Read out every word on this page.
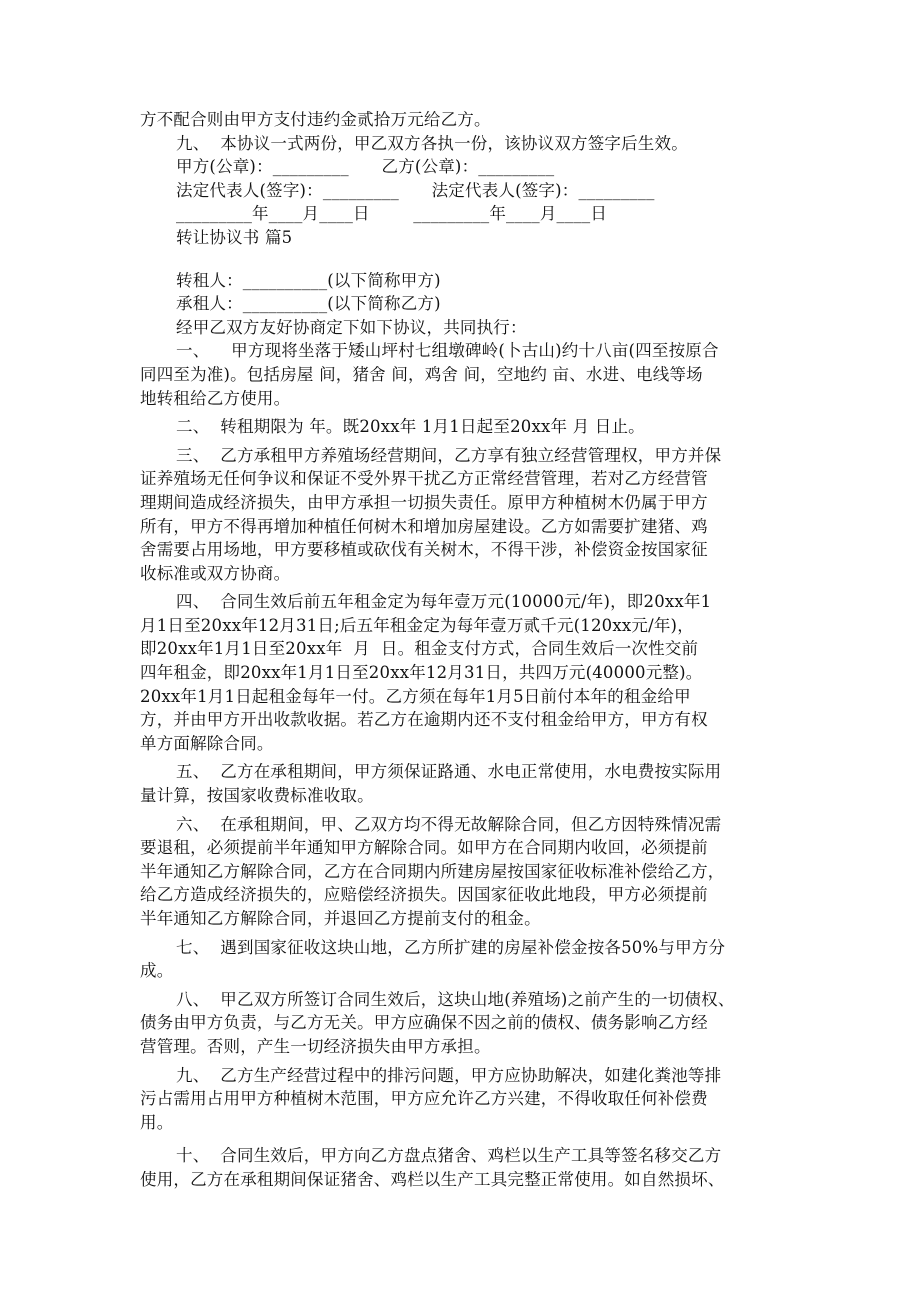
方不配合则由甲方支付违约金贰拾万元给乙方。
九、  本协议一式两份，甲乙双方各执一份，该协议双方签字后生效。
甲方(公章)：_________      乙方(公章)：_________
法定代表人(签字)：_________      法定代表人(签字)：_________
_________年____月____日        _________年____月____日
转让协议书 篇5
转租人：__________(以下简称甲方)
承租人：__________(以下简称乙方)
经甲乙双方友好协商定下如下协议，共同执行：
一、    甲方现将坐落于矮山坪村七组墩碑岭(卜古山)约十八亩(四至按原合
同四至为准)。包括房屋 间，猪舍 间，鸡舍 间，空地约 亩、水进、电线等场
地转租给乙方使用。
二、  转租期限为 年。既20xx年 1月1日起至20xx年 月 日止。
三、  乙方承租甲方养殖场经营期间，乙方享有独立经营管理权，甲方并保
证养殖场无任何争议和保证不受外界干扰乙方正常经营管理，若对乙方经营管
理期间造成经济损失，由甲方承担一切损失责任。原甲方种植树木仍属于甲方
所有，甲方不得再增加种植任何树木和增加房屋建设。乙方如需要扩建猪、鸡
舍需要占用场地，甲方要移植或砍伐有关树木，不得干涉，补偿资金按国家征
收标准或双方协商。
四、  合同生效后前五年租金定为每年壹万元(10000元/年)，即20xx年1
月1日至20xx年12月31日;后五年租金定为每年壹万贰千元(120xx元/年)，
即20xx年1月1日至20xx年  月  日。租金支付方式，合同生效后一次性交前
四年租金，即20xx年1月1日至20xx年12月31日，共四万元(40000元整)。
20xx年1月1日起租金每年一付。乙方须在每年1月5日前付本年的租金给甲
方，并由甲方开出收款收据。若乙方在逾期内还不支付租金给甲方，甲方有权
单方面解除合同。
五、  乙方在承租期间，甲方须保证路通、水电正常使用，水电费按实际用
量计算，按国家收费标准收取。
六、  在承租期间，甲、乙双方均不得无故解除合同，但乙方因特殊情况需
要退租，必须提前半年通知甲方解除合同。如甲方在合同期内收回，必须提前
半年通知乙方解除合同，乙方在合同期内所建房屋按国家征收标准补偿给乙方，
给乙方造成经济损失的，应赔偿经济损失。因国家征收此地段，甲方必须提前
半年通知乙方解除合同，并退回乙方提前支付的租金。
七、  遇到国家征收这块山地，乙方所扩建的房屋补偿金按各50%与甲方分
成。
八、  甲乙双方所签订合同生效后，这块山地(养殖场)之前产生的一切债权、
债务由甲方负责，与乙方无关。甲方应确保不因之前的债权、债务影响乙方经
营管理。否则，产生一切经济损失由甲方承担。
九、  乙方生产经营过程中的排污问题，甲方应协助解决，如建化粪池等排
污占需用占用甲方种植树木范围，甲方应允许乙方兴建，不得收取任何补偿费
用。
十、  合同生效后，甲方向乙方盘点猪舍、鸡栏以生产工具等签名移交乙方
使用，乙方在承租期间保证猪舍、鸡栏以生产工具完整正常使用。如自然损坏、
